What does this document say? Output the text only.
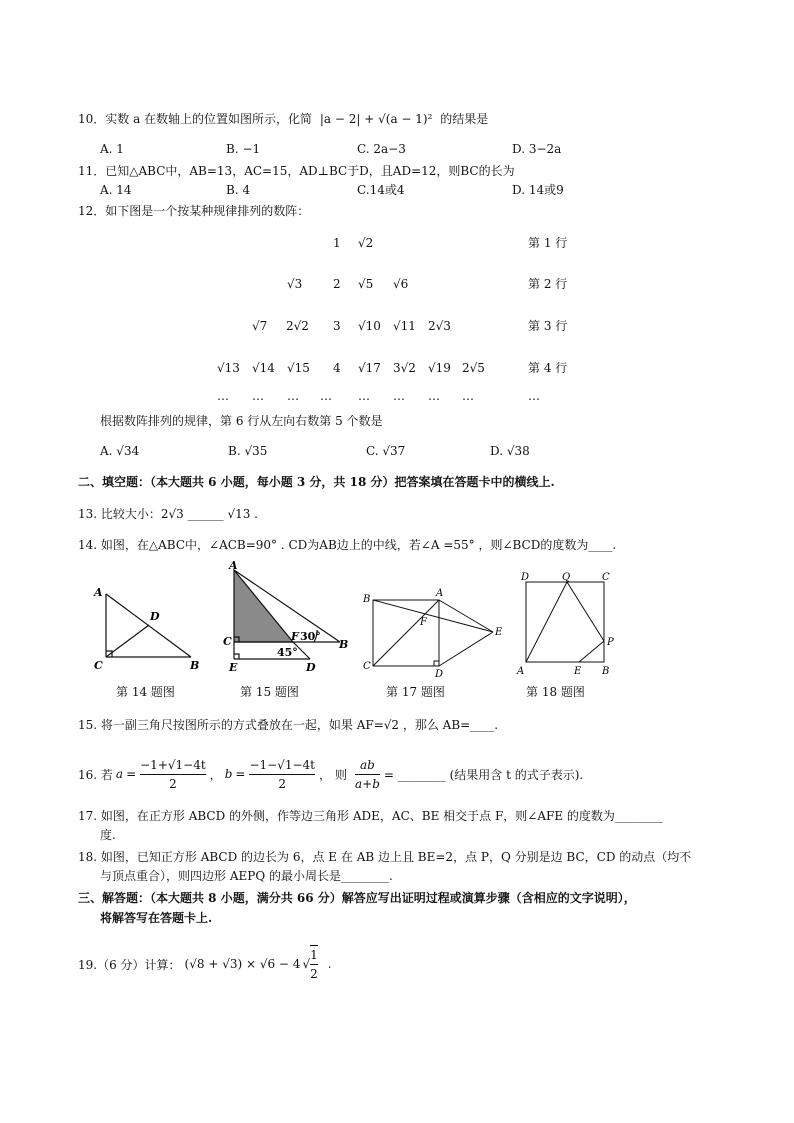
10．实数 a 在数轴上的位置如图所示，化简 |a − 2| + √(a − 1)² 的结果是
A. 1	B. −1	C. 2a−3	D. 3−2a
11．已知△ABC中，AB=13，AC=15，AD⊥BC于D，且AD=12，则BC的长为
A. 14	B. 4	C.14或4	D. 14或9
12．如下图是一个按某种规律排列的数阵：
1 √2	第 1 行
√3	2 √5 √6	第 2 行
√7 2√2 3 √10 √11 2√3	第 3 行
√13 √14 √15 4 √17 3√2 √19 2√5	第 4 行
… … … … … … … …	…
根据数阵排列的规律，第 6 行从左向右数第 5 个数是
A. √34	B. √35	C. √37	D. √38
二、填空题：（本大题共 6 小题，每小题 3 分，共 18 分）把答案填在答题卡中的横线上.
13. 比较大小：2√3 ______ √13 .
14. 如图，在△ABC中，∠ACB=90° . CD为AB边上的中线，若∠A =55° ，则∠BCD的度数为____.
A
D
C	B
第 14 题图
A
C	F 30°
B
E
45°
D
第 15 题图
B
A
F
E
C
D
第 17 题图
D	Q	C
P
A	E B
第 18 题图
15. 将一副三角尺按图所示的方式叠放在一起，如果 AF=√2 ，那么 AB=____.
16. 若 $a = \frac{-1+√1-4t}{2}$ ， $b = \frac{-1-√1-4t}{2}$ ， 则 $\frac{ab}{a+b}$ = ________ (结果用含 t 的式子表示).
17. 如图，在正方形 ABCD 的外侧，作等边三角形 ADE，AC、BE 相交于点 F，则∠AFE 的度数为________
度.
18. 如图，已知正方形 ABCD 的边长为 6，点 E 在 AB 边上且 BE=2，点 P，Q 分别是边 BC，CD 的动点（均不
与顶点重合），则四边形 AEPQ 的最小周长是________.
三、解答题：（本大题共 8 小题，满分共 66 分）解答应写出证明过程或演算步骤（含相应的文字说明），
将解答写在答题卡上.
19.（6 分）计算： (√8 + √3) × √6 − 4 √ $\frac{1}{2}$ .
